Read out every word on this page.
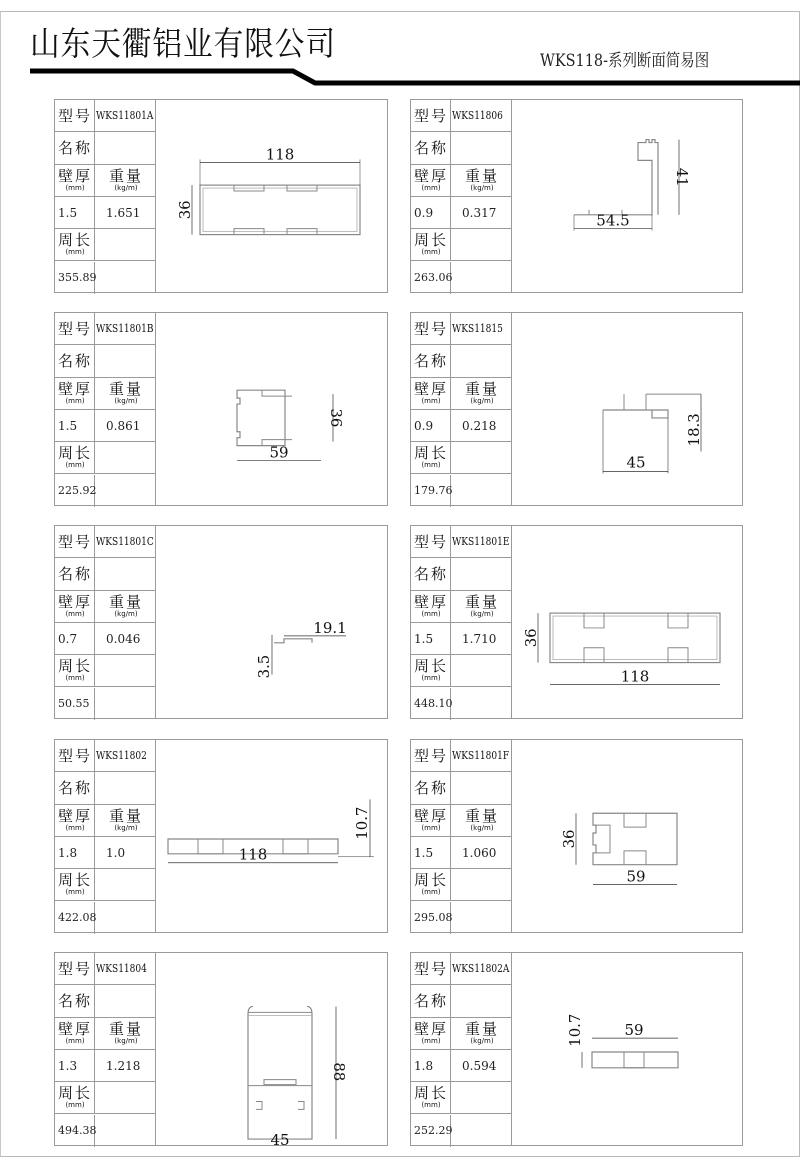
山东天衢铝业有限公司	WKS118-系列断面简易图
型号 WKS11801A
名称
壁厚
(mm)
重量
(kg/m)
1.5	1.651
周长
(mm)
355.89
118
36
型号 WKS11806
名称
壁厚
(mm)
重量
(kg/m)
0.9	0.317
周长
(mm)
263.06
54.5
41
型号 WKS11801B
名称
壁厚
(mm)
重量
(kg/m)
1.5	0.861
周长
(mm)
225.92
59
36
型号 WKS11815
名称
壁厚
(mm)
重量
(kg/m)
0.9	0.218
周长
(mm)
179.76
45
18.3
型号 WKS11801C
名称
壁厚
(mm)
重量
(kg/m)
0.7	0.046
周长
(mm)
50.55
19.1
3.5
型号 WKS11801E
名称
壁厚
(mm)
重量
(kg/m)
1.5	1.710
周长
(mm)
448.10
118
36
型号 WKS11802
名称
壁厚
(mm)
重量
(kg/m)
1.8	1.0
周长
(mm)
422.08
118
10.7
型号 WKS11801F
名称
壁厚
(mm)
重量
(kg/m)
1.5	1.060
周长
(mm)
295.08
59
36
型号 WKS11804
名称
壁厚
(mm)
重量
(kg/m)
1.3	1.218
周长
(mm)
494.38
45
88
型号 WKS11802A
名称
壁厚
(mm)
重量
(kg/m)
1.8	0.594
周长
(mm)
252.29
59
10.7
